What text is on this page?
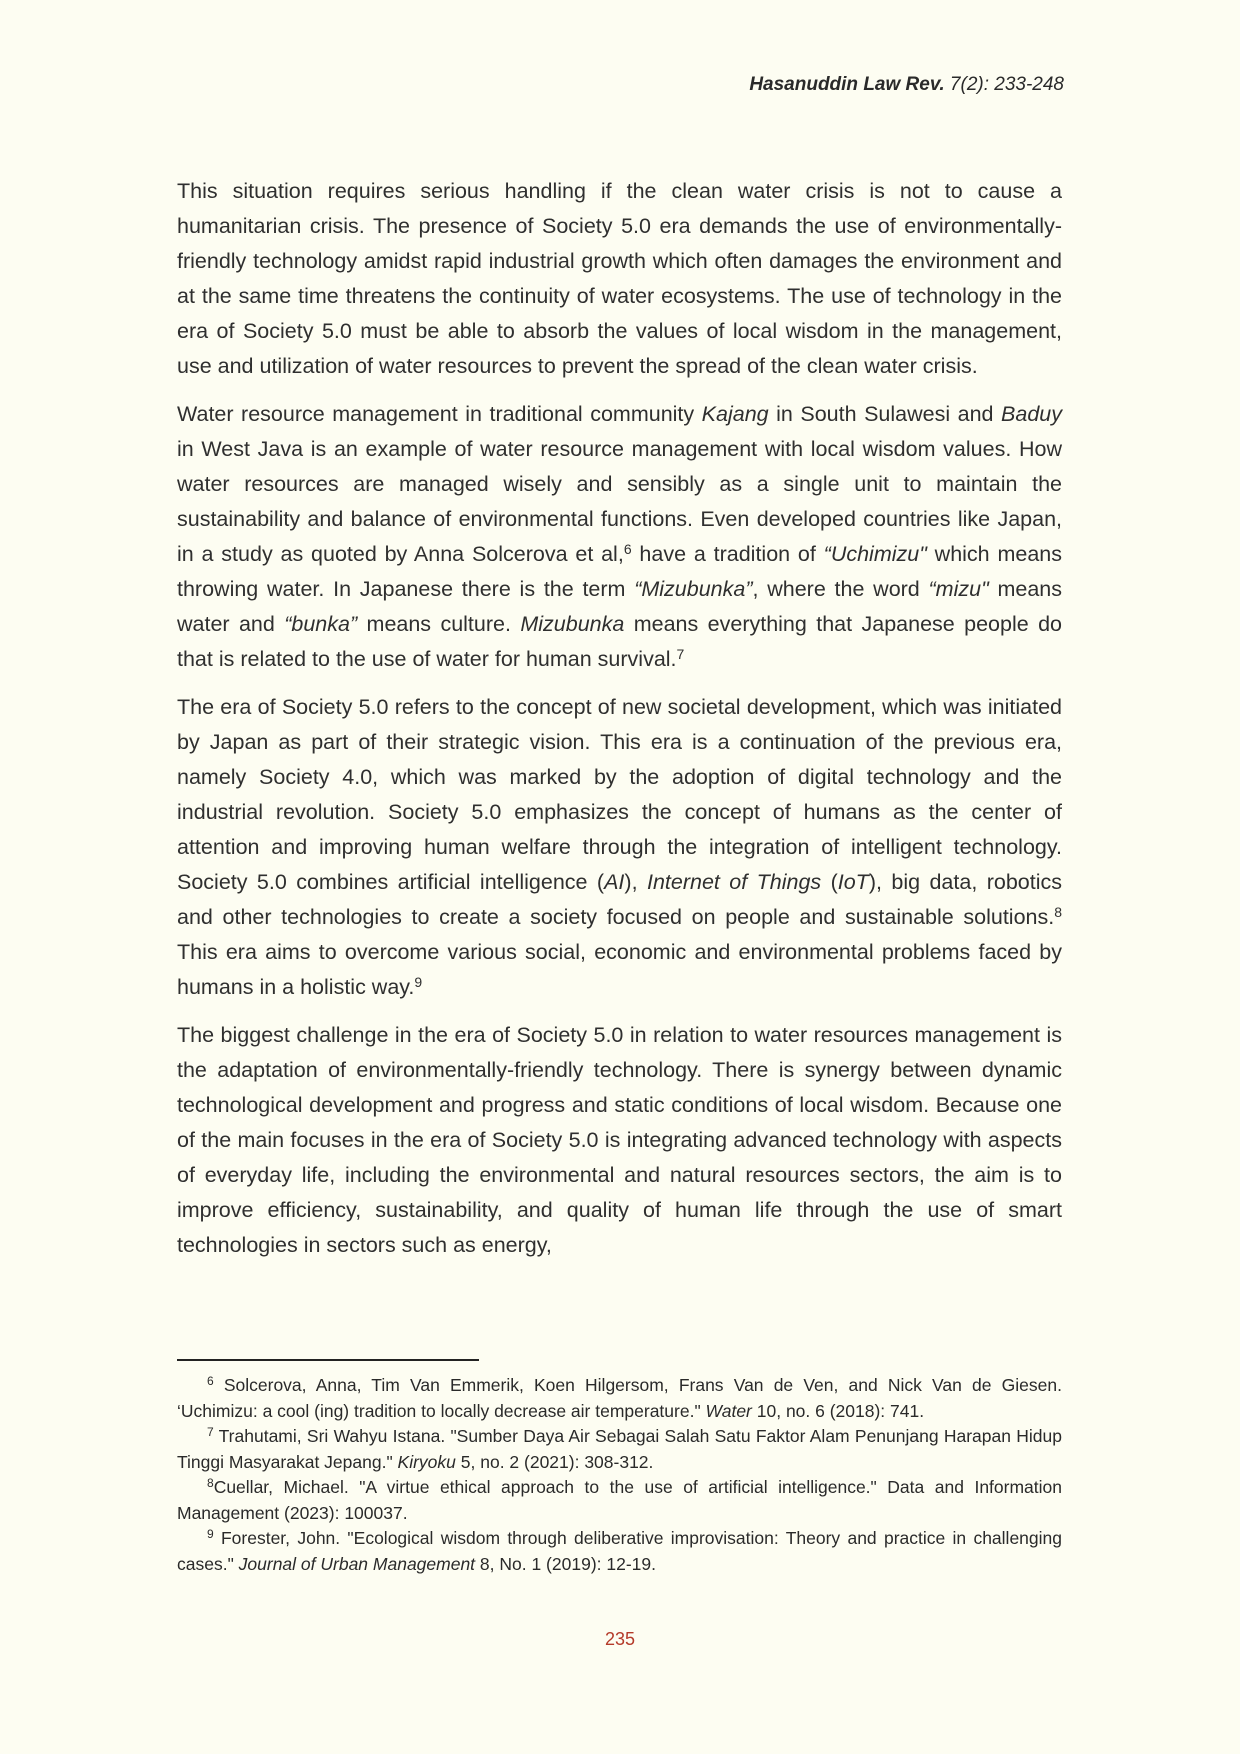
Hasanuddin Law Rev. 7(2): 233-248

This situation requires serious handling if the clean water crisis is not to cause a humanitarian crisis. The presence of Society 5.0 era demands the use of environmentally-friendly technology amidst rapid industrial growth which often damages the environment and at the same time threatens the continuity of water ecosystems. The use of technology in the era of Society 5.0 must be able to absorb the values of local wisdom in the management, use and utilization of water resources to prevent the spread of the clean water crisis.

Water resource management in traditional community Kajang in South Sulawesi and Baduy in West Java is an example of water resource management with local wisdom values. How water resources are managed wisely and sensibly as a single unit to maintain the sustainability and balance of environmental functions. Even developed countries like Japan, in a study as quoted by Anna Solcerova et al,$^6$ have a tradition of “Uchimizu" which means throwing water. In Japanese there is the term “Mizubunka”, where the word “mizu" means water and “bunka” means culture. Mizubunka means everything that Japanese people do that is related to the use of water for human survival.$^7$

The era of Society 5.0 refers to the concept of new societal development, which was initiated by Japan as part of their strategic vision. This era is a continuation of the previous era, namely Society 4.0, which was marked by the adoption of digital technology and the industrial revolution. Society 5.0 emphasizes the concept of humans as the center of attention and improving human welfare through the integration of intelligent technology. Society 5.0 combines artificial intelligence (AI), Internet of Things (IoT), big data, robotics and other technologies to create a society focused on people and sustainable solutions.$^8$ This era aims to overcome various social, economic and environmental problems faced by humans in a holistic way.$^9$

The biggest challenge in the era of Society 5.0 in relation to water resources management is the adaptation of environmentally-friendly technology. There is synergy between dynamic technological development and progress and static conditions of local wisdom. Because one of the main focuses in the era of Society 5.0 is integrating advanced technology with aspects of everyday life, including the environmental and natural resources sectors, the aim is to improve efficiency, sustainability, and quality of human life through the use of smart technologies in sectors such as energy,

$^6$ Solcerova, Anna, Tim Van Emmerik, Koen Hilgersom, Frans Van de Ven, and Nick Van de Giesen. ‘Uchimizu: a cool (ing) tradition to locally decrease air temperature." Water 10, no. 6 (2018): 741.

$^7$ Trahutami, Sri Wahyu Istana. "Sumber Daya Air Sebagai Salah Satu Faktor Alam Penunjang Harapan Hidup Tinggi Masyarakat Jepang." Kiryoku 5, no. 2 (2021): 308-312.

$^8$Cuellar, Michael. "A virtue ethical approach to the use of artificial intelligence." Data and Information Management (2023): 100037.

$^9$ Forester, John. "Ecological wisdom through deliberative improvisation: Theory and practice in challenging cases." Journal of Urban Management 8, No. 1 (2019): 12-19.

235
